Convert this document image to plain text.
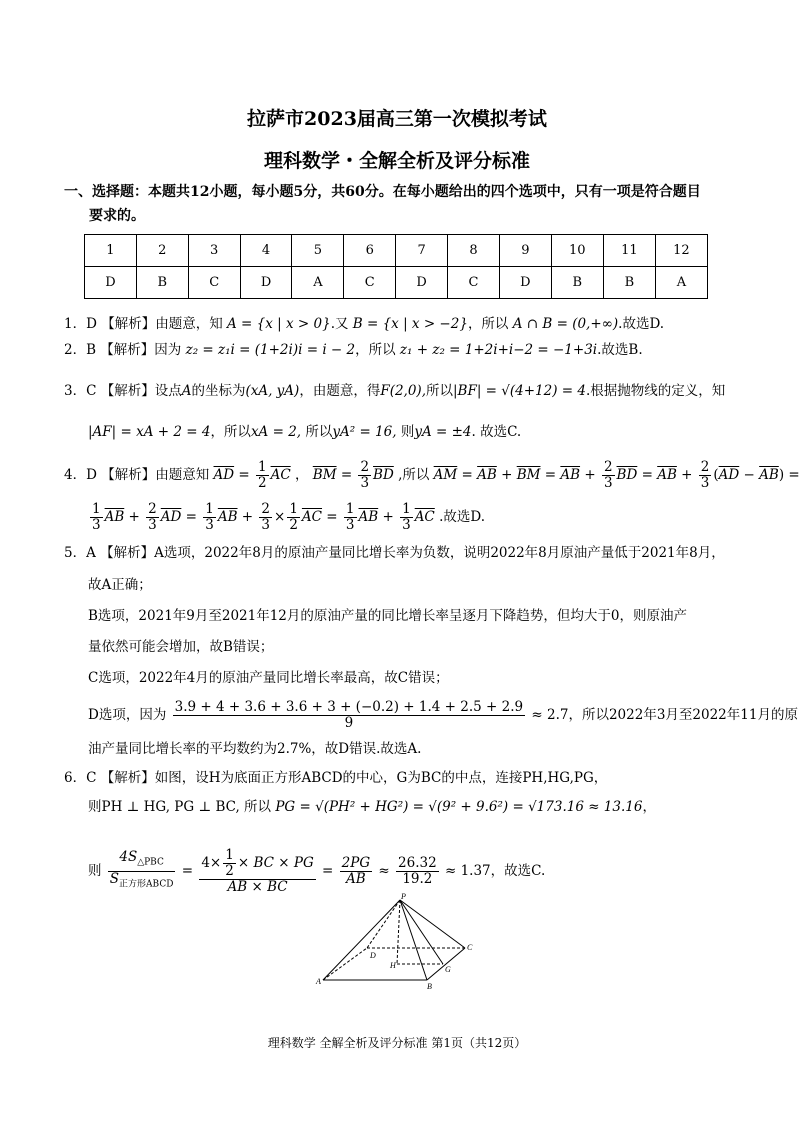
拉萨市2023届高三第一次模拟考试
理科数学・全解全析及评分标准
一、选择题：本题共12小题，每小题5分，共60分。在每小题给出的四个选项中，只有一项是符合题目
要求的。
1	2	3	4	5	6	7	8	9	10	11	12
D	B	C	D	A	C	D	C	D	B	B	A
1．D 【解析】由题意，知 A = {x | x > 0}.又 B = {x | x > −2}，所以 A ∩ B = (0,+∞).故选D.
2．B 【解析】因为 z₂ = z₁i = (1+2i)i = i − 2，所以 z₁ + z₂ = 1+2i+i−2 = −1+3i.故选B.
3．C 【解析】设点A的坐标为(xA, yA)，由题意，得F(2,0),所以|BF| = √(4+12) = 4.根据抛物线的定义，知
|AF| = xA + 2 = 4，所以xA = 2, 所以yA² = 16, 则yA = ±4. 故选C.
4．D 【解析】由题意知 $\overline{AD} = \frac{1}{2} \overline{AC}$ ， $\overline{BM} = \frac{2}{3} \overline{BD}$ ,所以 $\overline{AM} = \overline{AB} + \overline{BM} = \overline{AB} + \frac{2}{3} \overline{BD} = \overline{AB} + \frac{2}{3} (\overline{AD} - \overline{AB})$ =
$\frac{1}{3} \overline{AB} + \frac{2}{3} \overline{AD} = \frac{1}{3} \overline{AB} + \frac{2}{3} \times \frac{1}{2} \overline{AC} = \frac{1}{3} \overline{AB} + \frac{1}{3} \overline{AC}$ .故选D.
5．A 【解析】A选项，2022年8月的原油产量同比增长率为负数，说明2022年8月原油产量低于2021年8月，
故A正确；
B选项，2021年9月至2021年12月的原油产量的同比增长率呈逐月下降趋势，但均大于0，则原油产
量依然可能会增加，故B错误；
C选项，2022年4月的原油产量同比增长率最高，故C错误；
D选项，因为 $\frac{3.9 + 4 + 3.6 + 3.6 + 3 + (-0.2) + 1.4 + 2.5 + 2.9}{9} \approx 2.7$，所以2022年3月至2022年11月的原
油产量同比增长率的平均数约为2.7%，故D错误.故选A.
6．C 【解析】如图，设H为底面正方形ABCD的中心，G为BC的中点，连接PH,HG,PG，
则PH ⊥ HG, PG ⊥ BC, 所以 PG = √(PH² + HG²) = √(9² + 9.6²) = √173.16 ≈ 13.16，
则
$4S_{\triangle PBC}$
$S_{正方形ABCD}$
= $\frac{4\times \frac{1}{2} \times BC \times PG}{AB \times BC} = \frac{2PG}{AB} \approx \frac{26.32}{19.2} \approx 1.37$，故选C.
P
A
B
C
D
H	G
理科数学 全解全析及评分标准 第1页（共12页）
